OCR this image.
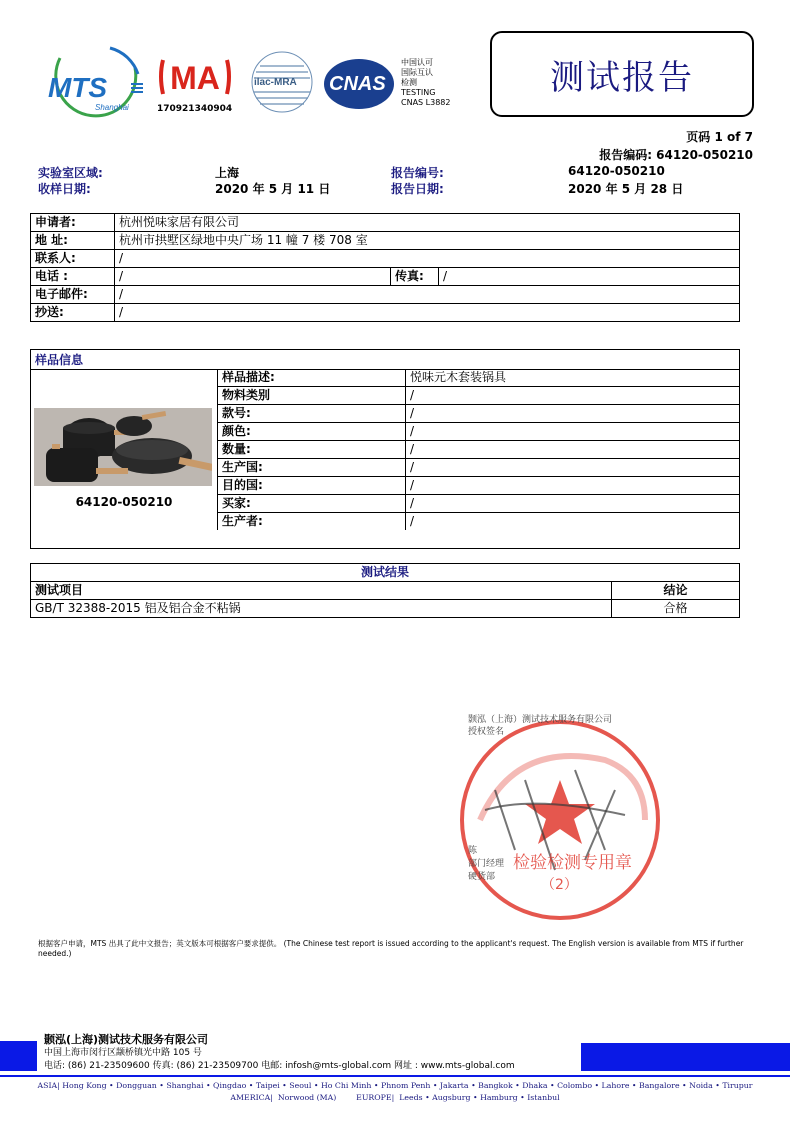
MTS
Shanghai
MA
170921340904
ilac-MRA CNAS
中国认可
国际互认
检测
TESTING
CNAS L3882
测试报告
页码 1 of 7
报告编码: 64120-050210
实验室区域:	上海	报告编号:	64120-050210
收样日期:	2020 年 5 月 11 日	报告日期:	2020 年 5 月 28 日
申请者:	杭州悦味家居有限公司		
地 址:	杭州市拱墅区绿地中央广场 11 幢 7 楼 708 室		
联系人:	/		
电话 :	/	传真:	/
电子邮件:	/		
抄送:	/		
样品信息
64120-050210
样品描述:	悦味元木套装锅具
物料类别	/
款号:	/
颜色:	/
数量:	/
生产国:	/
目的国:	/
买家:	/
生产者:	/
测试结果	
测试项目	结论
GB/T 32388-2015 铝及铝合金不粘锅	合格
检验检测专用章
（2）
颢泓（上海）测试技术服务有限公司
授权签名
陈
部门经理
硬货部
根据客户申请，MTS 出具了此中文报告；英文版本可根据客户要求提供。 (The Chinese test report is issued according to the applicant's request. The English version is available from MTS if further needed.)
颢泓(上海)测试技术服务有限公司
中国上海市闵行区颛桥镇光中路 105 号
电话: (86) 21-23509600 传真: (86) 21-23509700 电邮: infosh@mts-global.com 网址 : www.mts-global.com
ASIA| Hong Kong • Dongguan • Shanghai • Qingdao • Taipei • Seoul • Ho Chi Minh • Phnom Penh • Jakarta • Bangkok • Dhaka • Colombo • Lahore • Bangalore • Noida • Tirupur
AMERICA|  Norwood (MA)        EUROPE|  Leeds • Augsburg • Hamburg • Istanbul
